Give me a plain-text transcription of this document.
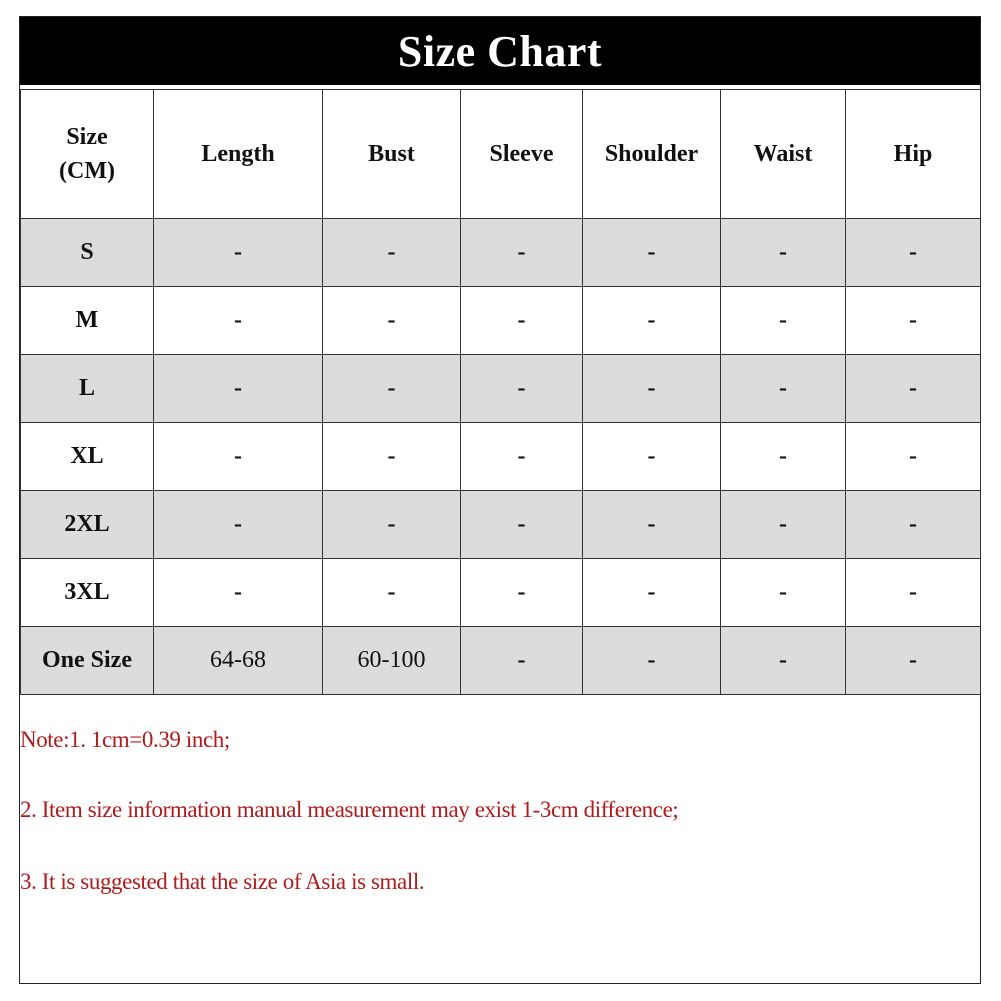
Size Chart
Size
(CM)	Length	Bust	Sleeve	Shoulder	Waist	Hip
S	-	-	-	-	-	-
M	-	-	-	-	-	-
L	-	-	-	-	-	-
XL	-	-	-	-	-	-
2XL	-	-	-	-	-	-
3XL	-	-	-	-	-	-
One Size	64-68	60-100	-	-	-	-
Note:1. 1cm=0.39 inch;
2. Item size information manual measurement may exist 1-3cm difference;
3. It is suggested that the size of Asia is small.
